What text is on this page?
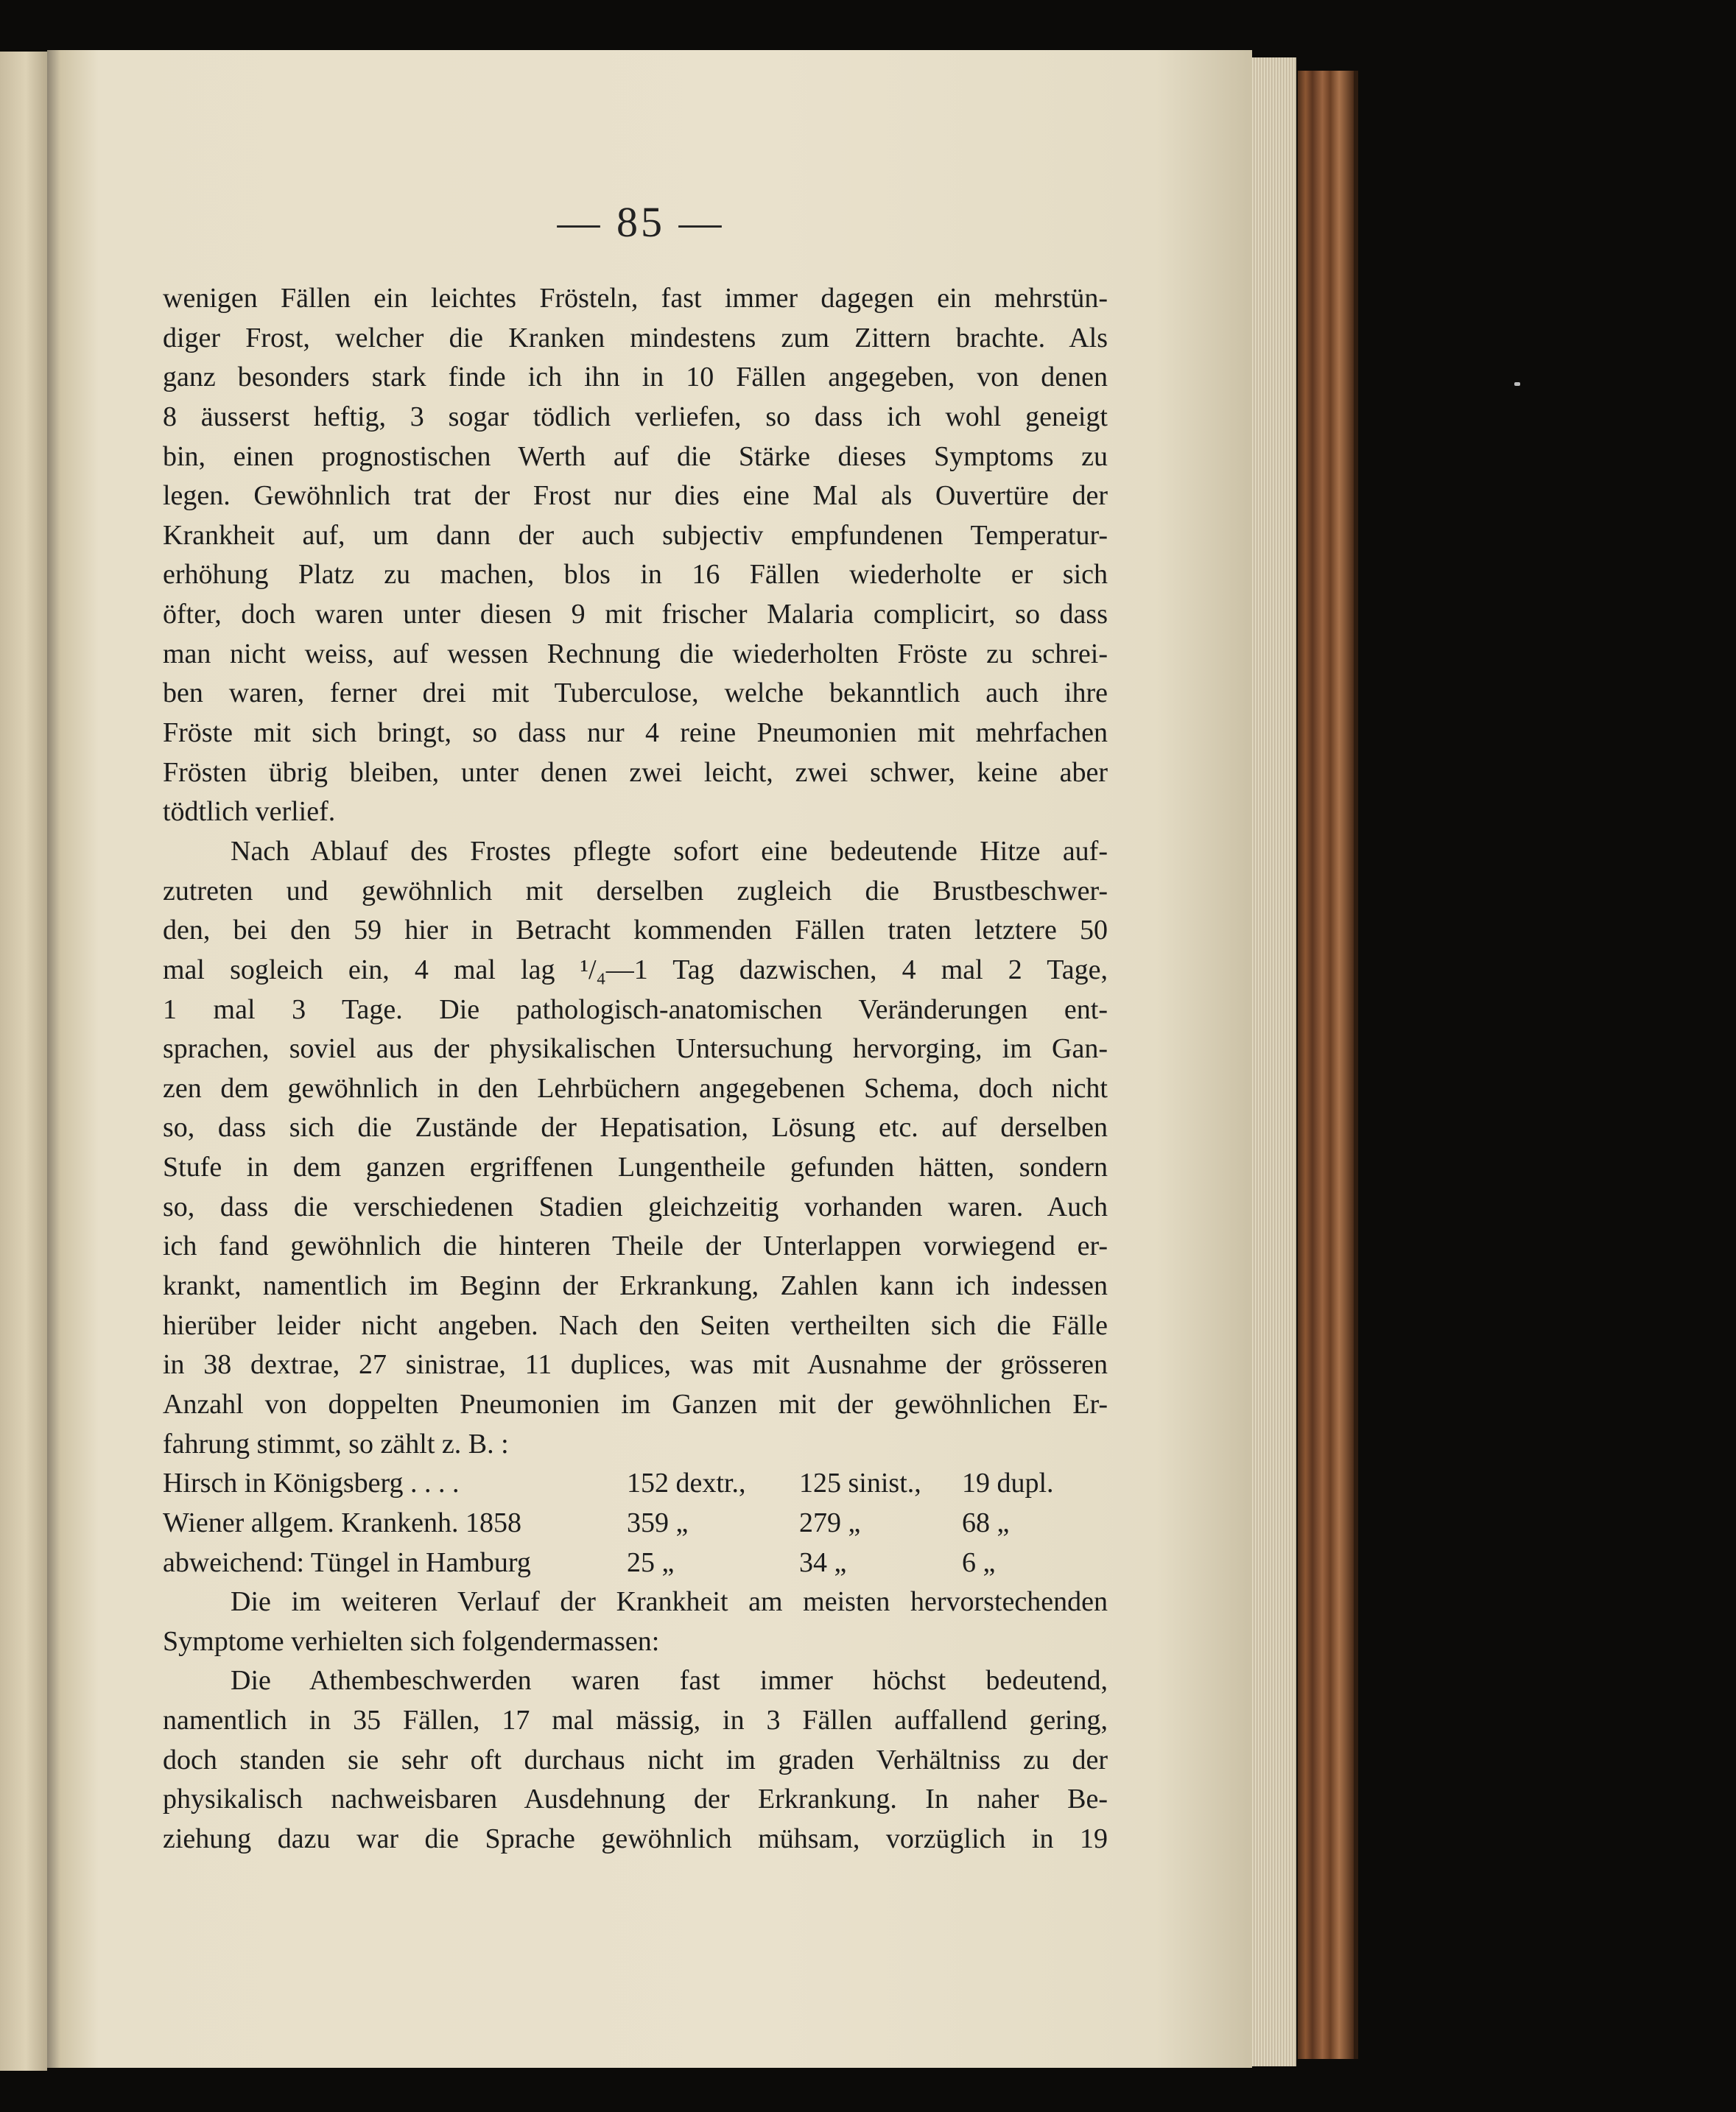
— 85 —
wenigen Fällen ein leichtes Frösteln, fast immer dagegen ein mehrstün-
diger Frost, welcher die Kranken mindestens zum Zittern brachte. Als
ganz besonders stark finde ich ihn in 10 Fällen angegeben, von denen
8 äusserst heftig, 3 sogar tödlich verliefen, so dass ich wohl geneigt
bin, einen prognostischen Werth auf die Stärke dieses Symptoms zu
legen. Gewöhnlich trat der Frost nur dies eine Mal als Ouvertüre der
Krankheit auf, um dann der auch subjectiv empfundenen Temperatur-
erhöhung Platz zu machen, blos in 16 Fällen wiederholte er sich
öfter, doch waren unter diesen 9 mit frischer Malaria complicirt, so dass
man nicht weiss, auf wessen Rechnung die wiederholten Fröste zu schrei-
ben waren, ferner drei mit Tuberculose, welche bekanntlich auch ihre
Fröste mit sich bringt, so dass nur 4 reine Pneumonien mit mehrfachen
Frösten übrig bleiben, unter denen zwei leicht, zwei schwer, keine aber
tödtlich verlief.
Nach Ablauf des Frostes pflegte sofort eine bedeutende Hitze auf-
zutreten und gewöhnlich mit derselben zugleich die Brustbeschwer-
den, bei den 59 hier in Betracht kommenden Fällen traten letztere 50
mal sogleich ein, 4 mal lag ¹/₄—1 Tag dazwischen, 4 mal 2 Tage,
1 mal 3 Tage. Die pathologisch-anatomischen Veränderungen ent-
sprachen, soviel aus der physikalischen Untersuchung hervorging, im Gan-
zen dem gewöhnlich in den Lehrbüchern angegebenen Schema, doch nicht
so, dass sich die Zustände der Hepatisation, Lösung etc. auf derselben
Stufe in dem ganzen ergriffenen Lungentheile gefunden hätten, sondern
so, dass die verschiedenen Stadien gleichzeitig vorhanden waren. Auch
ich fand gewöhnlich die hinteren Theile der Unterlappen vorwiegend er-
krankt, namentlich im Beginn der Erkrankung, Zahlen kann ich indessen
hierüber leider nicht angeben. Nach den Seiten vertheilten sich die Fälle
in 38 dextrae, 27 sinistrae, 11 duplices, was mit Ausnahme der grösseren
Anzahl von doppelten Pneumonien im Ganzen mit der gewöhnlichen Er-
fahrung stimmt, so zählt z. B. :
Hirsch in Königsberg . . . .	152 dextr., 125 sinist., 19 dupl.
Wiener allgem. Krankenh. 1858	359 „	279 „	68 „
abweichend: Tüngel in Hamburg	25 „	34 „	6 „
Die im weiteren Verlauf der Krankheit am meisten hervorstechenden
Symptome verhielten sich folgendermassen:
Die Athembeschwerden waren fast immer höchst bedeutend,
namentlich in 35 Fällen, 17 mal mässig, in 3 Fällen auffallend gering,
doch standen sie sehr oft durchaus nicht im graden Verhältniss zu der
physikalisch nachweisbaren Ausdehnung der Erkrankung. In naher Be-
ziehung dazu war die Sprache gewöhnlich mühsam, vorzüglich in 19
